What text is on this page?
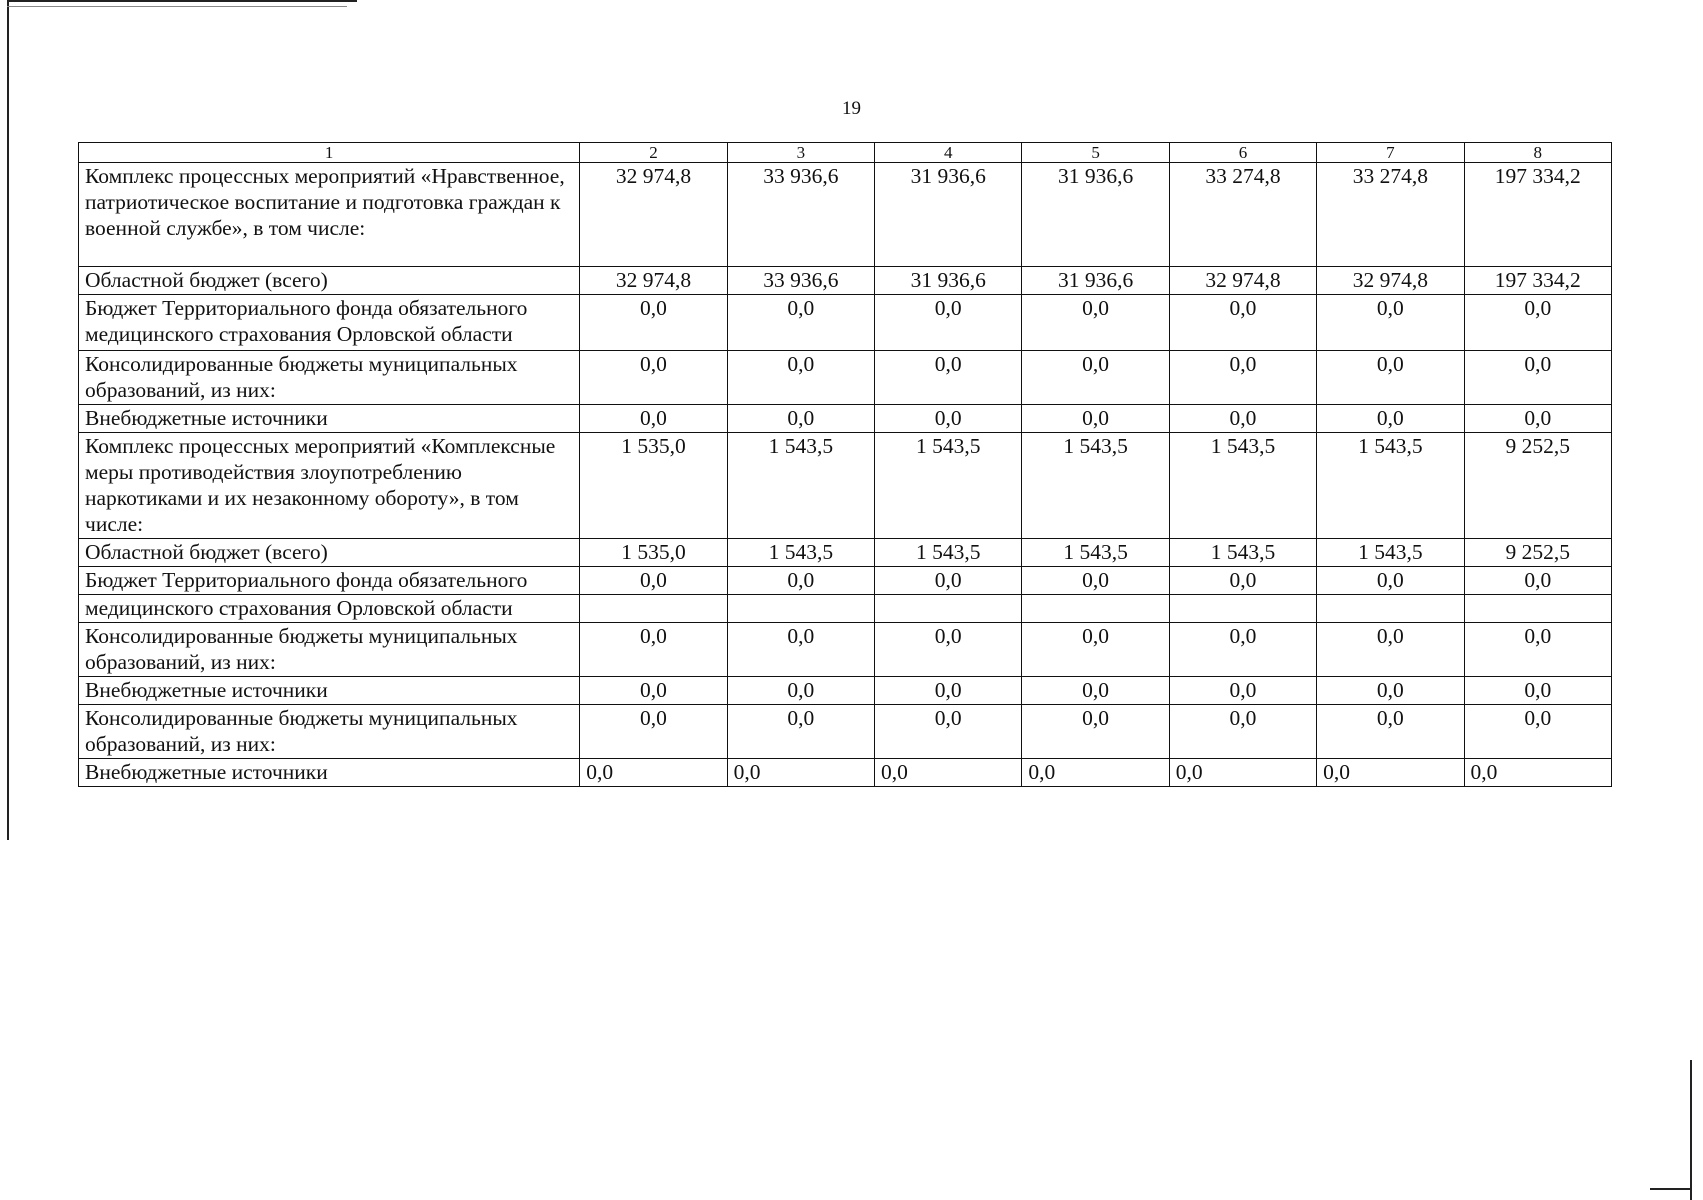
19
1	2	3	4	5	6	7	8
Комплекс процессных мероприятий «Нравственное, патриотическое воспитание и подготовка граждан к военной службе», в том числе:	32 974,8	33 936,6	31 936,6	31 936,6	33 274,8	33 274,8	197 334,2
Областной бюджет (всего)	32 974,8	33 936,6	31 936,6	31 936,6	32 974,8	32 974,8	197 334,2
Бюджет Территориального фонда обязательного медицинского страхования Орловской области	0,0	0,0	0,0	0,0	0,0	0,0	0,0
Консолидированные бюджеты муниципальных образований, из них:	0,0	0,0	0,0	0,0	0,0	0,0	0,0
Внебюджетные источники	0,0	0,0	0,0	0,0	0,0	0,0	0,0
Комплекс процессных мероприятий «Комплексные меры противодействия злоупотреблению наркотиками и их незаконному обороту», в том числе:	1 535,0	1 543,5	1 543,5	1 543,5	1 543,5	1 543,5	9 252,5
Областной бюджет (всего)	1 535,0	1 543,5	1 543,5	1 543,5	1 543,5	1 543,5	9 252,5
Бюджет Территориального фонда обязательного	0,0	0,0	0,0	0,0	0,0	0,0	0,0
медицинского страхования Орловской области							
Консолидированные бюджеты муниципальных образований, из них:	0,0	0,0	0,0	0,0	0,0	0,0	0,0
Внебюджетные источники	0,0	0,0	0,0	0,0	0,0	0,0	0,0
Консолидированные бюджеты муниципальных образований, из них:	0,0	0,0	0,0	0,0	0,0	0,0	0,0
Внебюджетные источники	0,0	0,0	0,0	0,0	0,0	0,0	0,0
